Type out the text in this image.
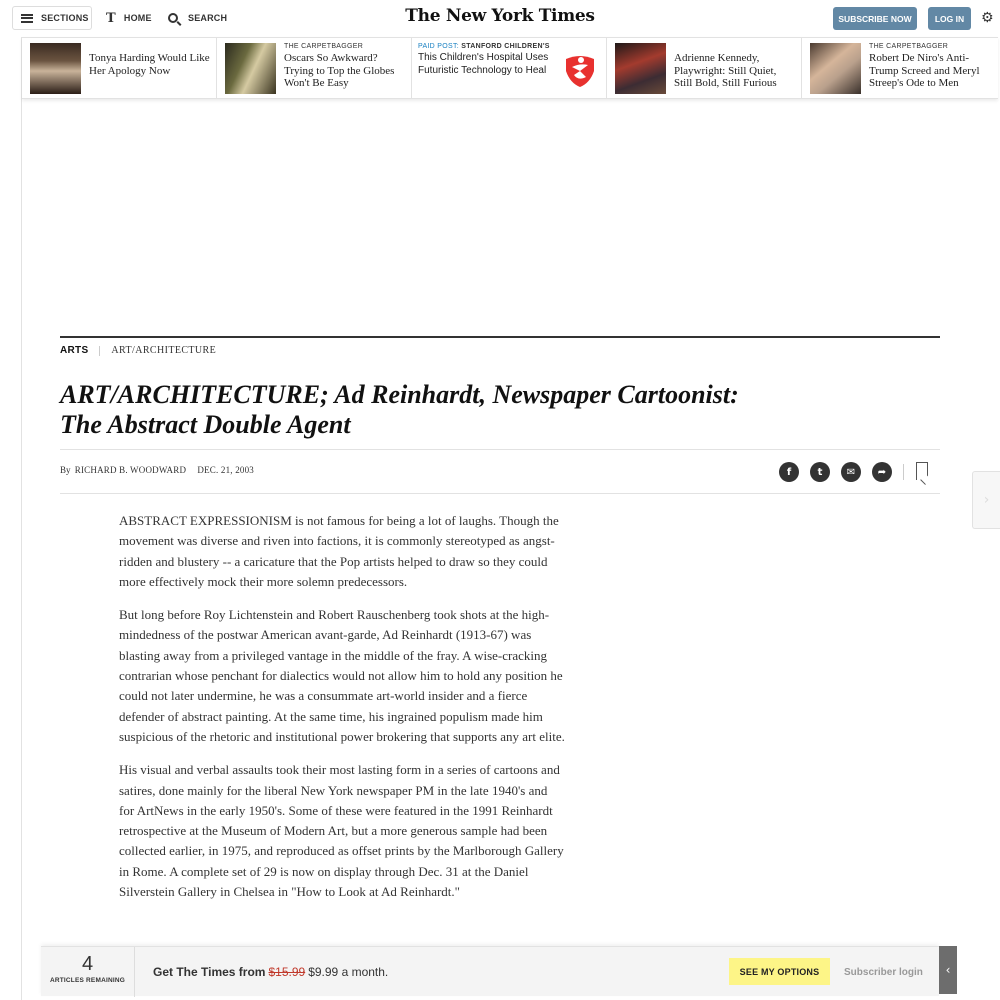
SECTIONS T HOME	SEARCH	The New York Times	SUBSCRIBE NOW	LOG IN	⚙
Tonya Harding Would Like Her Apology Now
THE CARPETBAGGER
Oscars So Awkward? Trying to Top the Globes Won't Be Easy
PAID POST: STANFORD CHILDREN'S
This Children's Hospital Uses Futuristic Technology to Heal
Adrienne Kennedy, Playwright: Still Quiet, Still Bold, Still Furious
THE CARPETBAGGER
Robert De Niro's Anti-Trump Screed and Meryl Streep's Ode to Men
ARTS ART/ARCHITECTURE
ART/ARCHITECTURE; Ad Reinhardt, Newspaper Cartoonist: The Abstract Double Agent
By RICHARD B. WOODWARD DEC. 21, 2003	f	t	✉	➦

ABSTRACT EXPRESSIONISM is not famous for being a lot of laughs. Though the movement was diverse and riven into factions, it is commonly stereotyped as angst-ridden and blustery -- a caricature that the Pop artists helped to draw so they could more effectively mock their more solemn predecessors.

But long before Roy Lichtenstein and Robert Rauschenberg took shots at the high-mindedness of the postwar American avant-garde, Ad Reinhardt (1913-67) was blasting away from a privileged vantage in the middle of the fray. A wise-cracking contrarian whose penchant for dialectics would not allow him to hold any position he could not later undermine, he was a consummate art-world insider and a fierce defender of abstract painting. At the same time, his ingrained populism made him suspicious of the rhetoric and institutional power brokering that supports any art elite.

His visual and verbal assaults took their most lasting form in a series of cartoons and satires, done mainly for the liberal New York newspaper PM in the late 1940's and for ArtNews in the early 1950's. Some of these were featured in the 1991 Reinhardt retrospective at the Museum of Modern Art, but a more generous sample had been collected earlier, in 1975, and reproduced as offset prints by the Marlborough Gallery in Rome. A complete set of 29 is now on display through Dec. 31 at the Daniel Silverstein Gallery in Chelsea in "How to Look at Ad Reinhardt."

›
4
ARTICLES REMAINING
Get The Times from $15.99 $9.99 a month.	SEE MY OPTIONS	Subscriber login	‹
